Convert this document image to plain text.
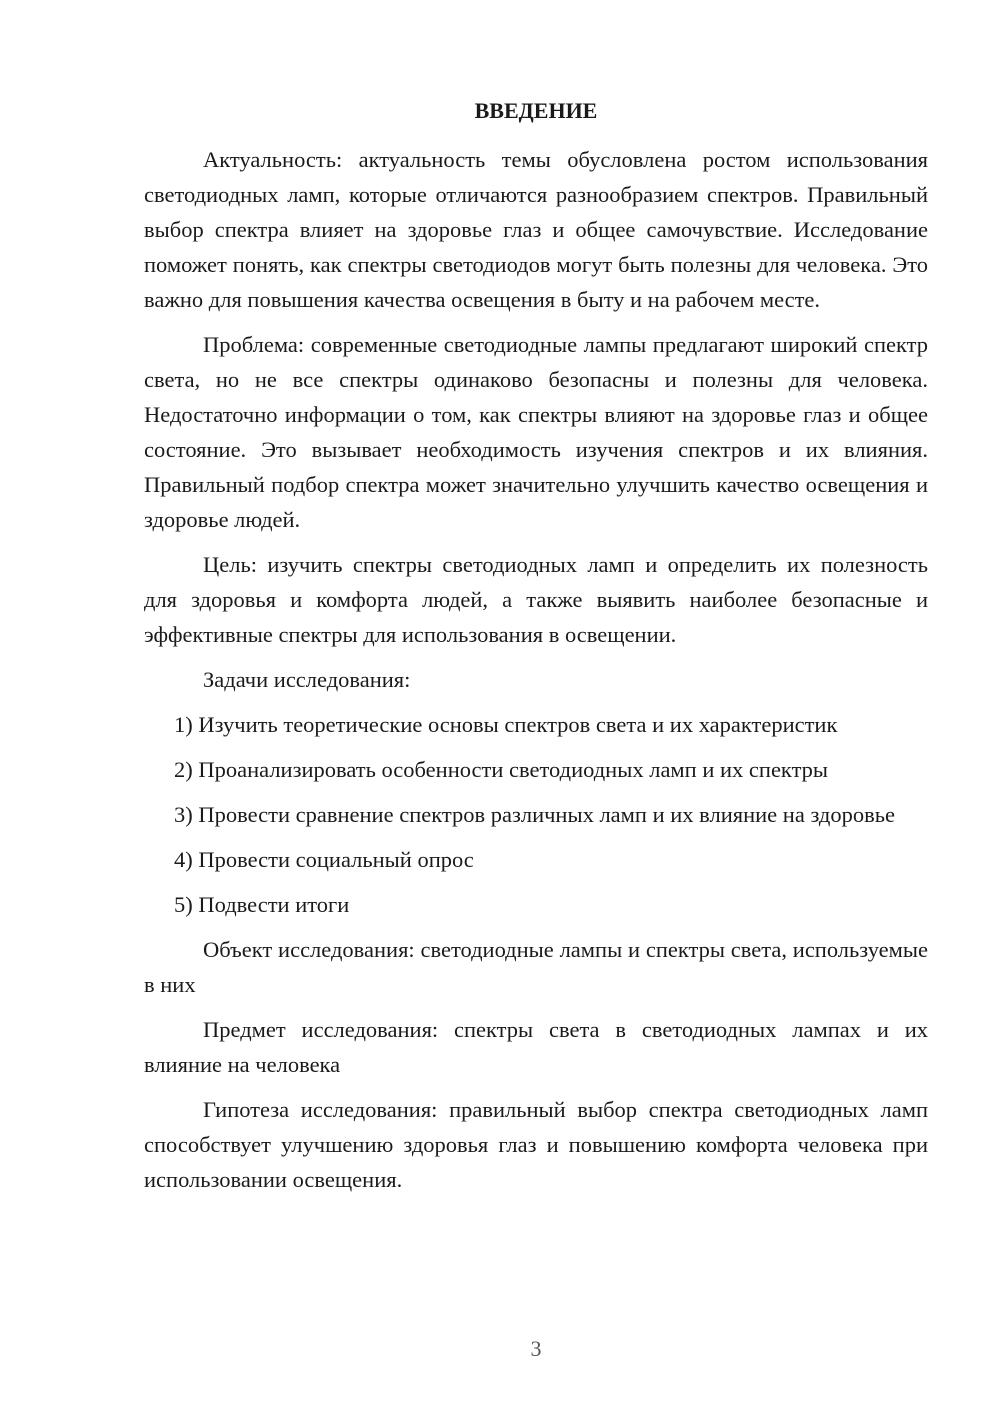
ВВЕДЕНИЕ

Актуальность: актуальность темы обусловлена ростом использования светодиодных ламп, которые отличаются разнообразием спектров. Правильный выбор спектра влияет на здоровье глаз и общее самочувствие. Исследование поможет понять, как спектры светодиодов могут быть полезны для человека. Это важно для повышения качества освещения в быту и на рабочем месте.

Проблема: современные светодиодные лампы предлагают широкий спектр света, но не все спектры одинаково безопасны и полезны для человека. Недостаточно информации о том, как спектры влияют на здоровье глаз и общее состояние. Это вызывает необходимость изучения спектров и их влияния. Правильный подбор спектра может значительно улучшить качество освещения и здоровье людей.

Цель: изучить спектры светодиодных ламп и определить их полезность для здоровья и комфорта людей, а также выявить наиболее безопасные и эффективные спектры для использования в освещении.

Задачи исследования:

1) Изучить теоретические основы спектров света и их характеристик

2) Проанализировать особенности светодиодных ламп и их спектры

3) Провести сравнение спектров различных ламп и их влияние на здоровье

4) Провести социальный опрос

5) Подвести итоги

Объект исследования: светодиодные лампы и спектры света, используемые в них

Предмет исследования: спектры света в светодиодных лампах и их влияние на человека

Гипотеза исследования: правильный выбор спектра светодиодных ламп способствует улучшению здоровья глаз и повышению комфорта человека при использовании освещения.

3
